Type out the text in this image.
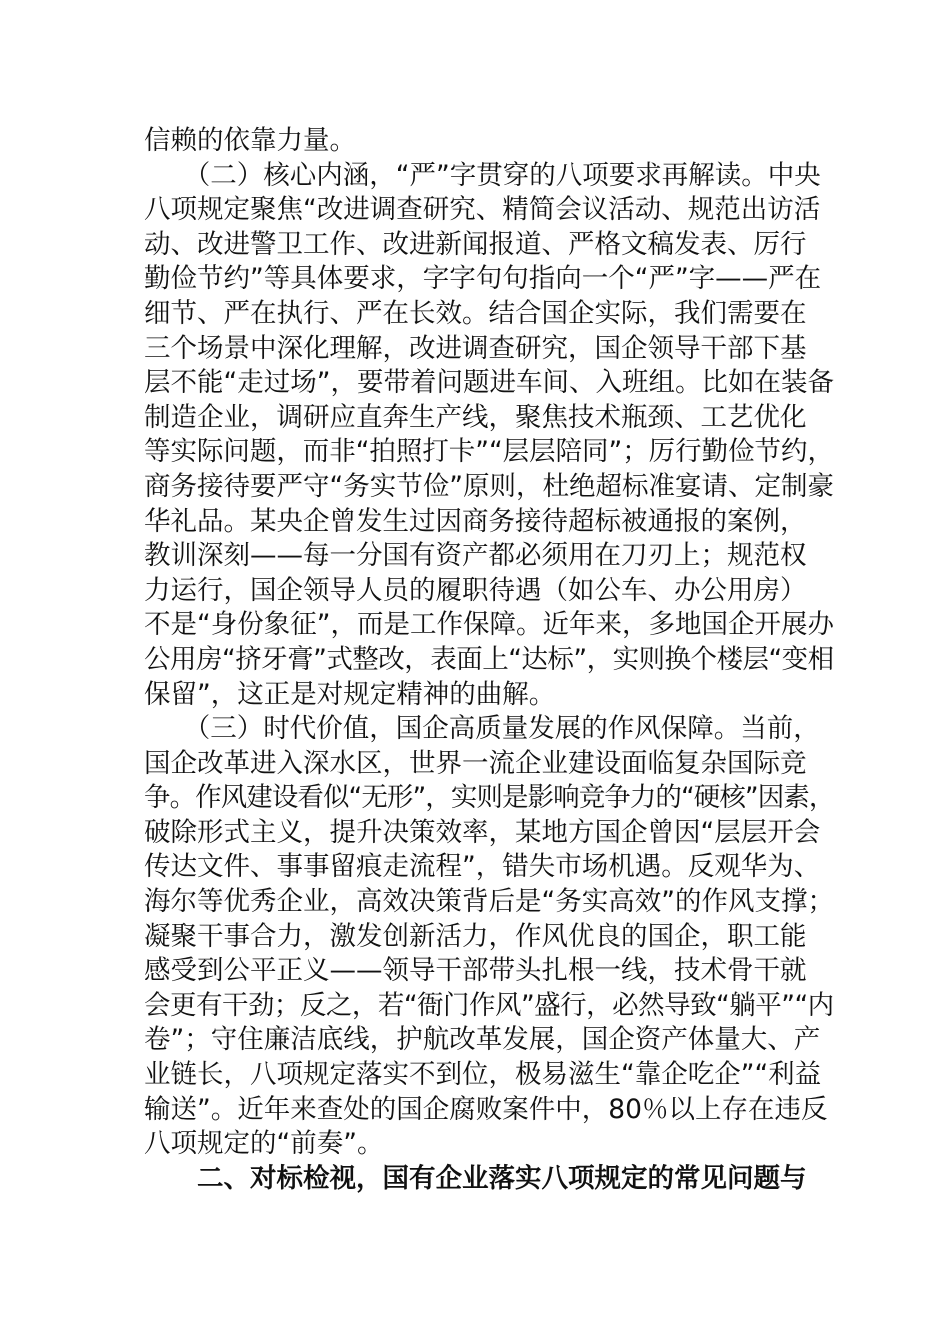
信赖的依靠力量。
　　（二）核心内涵，“严”字贯穿的八项要求再解读。中央
八项规定聚焦“改进调查研究、精简会议活动、规范出访活
动、改进警卫工作、改进新闻报道、严格文稿发表、厉行
勤俭节约”等具体要求，字字句句指向一个“严”字——严在
细节、严在执行、严在长效。结合国企实际，我们需要在
三个场景中深化理解，改进调查研究，国企领导干部下基
层不能“走过场”，要带着问题进车间、入班组。比如在装备
制造企业，调研应直奔生产线，聚焦技术瓶颈、工艺优化
等实际问题，而非“拍照打卡”“层层陪同”；厉行勤俭节约，
商务接待要严守“务实节俭”原则，杜绝超标准宴请、定制豪
华礼品。某央企曾发生过因商务接待超标被通报的案例，
教训深刻——每一分国有资产都必须用在刀刃上；规范权
力运行，国企领导人员的履职待遇（如公车、办公用房）
不是“身份象征”，而是工作保障。近年来，多地国企开展办
公用房“挤牙膏”式整改，表面上“达标”，实则换个楼层“变相
保留”，这正是对规定精神的曲解。
　　（三）时代价值，国企高质量发展的作风保障。当前，
国企改革进入深水区，世界一流企业建设面临复杂国际竞
争。作风建设看似“无形”，实则是影响竞争力的“硬核”因素，
破除形式主义，提升决策效率，某地方国企曾因“层层开会
传达文件、事事留痕走流程”，错失市场机遇。反观华为、
海尔等优秀企业，高效决策背后是“务实高效”的作风支撑；
凝聚干事合力，激发创新活力，作风优良的国企，职工能
感受到公平正义——领导干部带头扎根一线，技术骨干就
会更有干劲；反之，若“衙门作风”盛行，必然导致“躺平”“内
卷”；守住廉洁底线，护航改革发展，国企资产体量大、产
业链长，八项规定落实不到位，极易滋生“靠企吃企”“利益
输送”。近年来查处的国企腐败案件中，80％以上存在违反
八项规定的“前奏”。
　　二、对标检视，国有企业落实八项规定的常见问题与
